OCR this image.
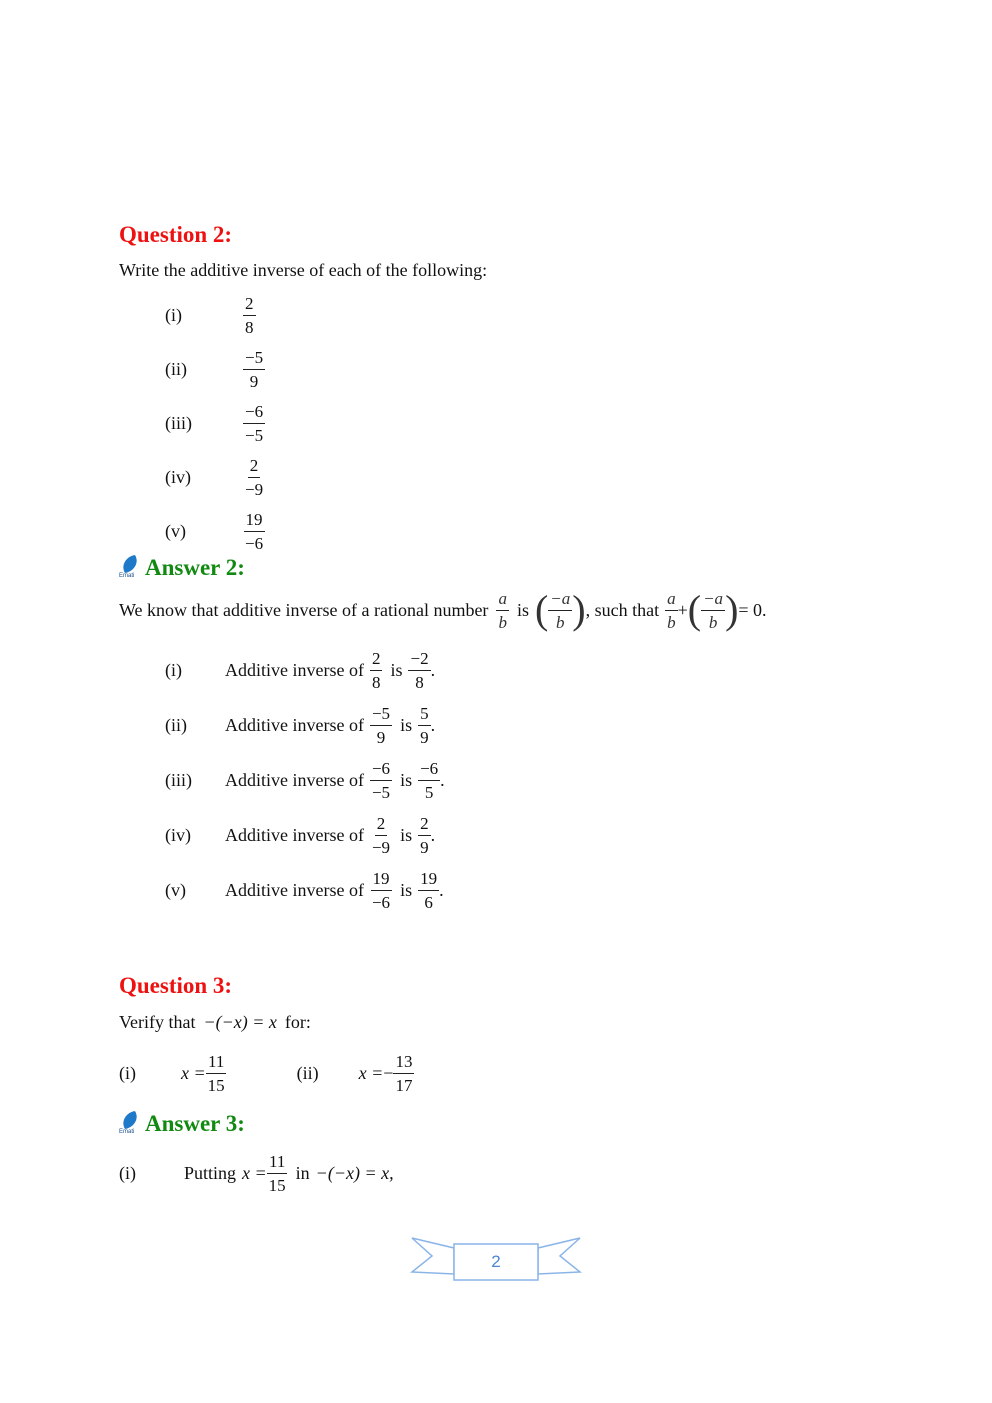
Question 2:
Write the additive inverse of each of the following:
(i)	$\frac{2}{8}$
(ii)	$\frac{-5}{9}$
(iii)	$\frac{-6}{-5}$
(iv)	$\frac{2}{-9}$
(v)	$\frac{19}{-6}$
Emati Answer 2:
We know that additive inverse of a rational number $\frac{a}{b}$ is ( $\frac{-a}{b}$ ) , such that $\frac{a}{b}$ + ( $\frac{-a}{b}$ ) = 0.
(i)	Additive inverse of $\frac{2}{8}$ is $\frac{-2}{8}$ .
(ii)	Additive inverse of $\frac{-5}{9}$ is $\frac{5}{9}$ .
(iii)	Additive inverse of $\frac{-6}{-5}$ is $\frac{-6}{5}$ .
(iv)	Additive inverse of $\frac{2}{-9}$ is $\frac{2}{9}$ .
(v)	Additive inverse of $\frac{19}{-6}$ is $\frac{19}{6}$ .
Question 3:
Verify that −(−x) = x for:
(i)	$x = \frac{11}{15}$	(ii)	x = − $\frac{13}{17}$
Emati Answer 3:
(i)	Putting $x = \frac{11}{15}$ in −(−x) = x,
2
